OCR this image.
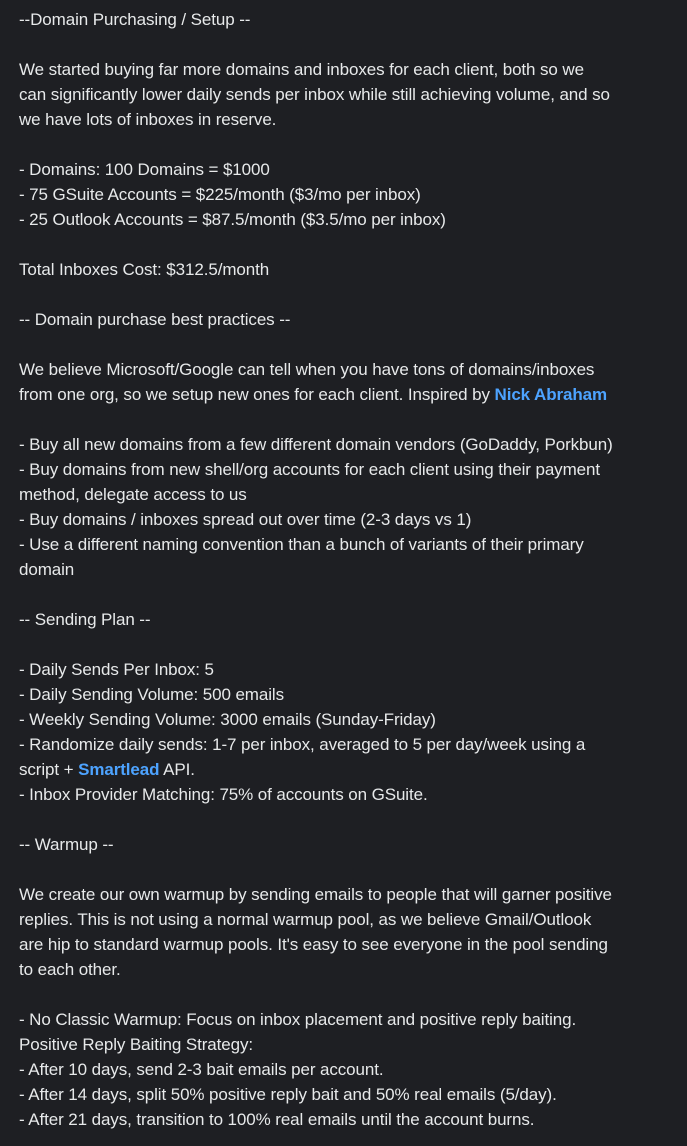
--Domain Purchasing / Setup --
We started buying far more domains and inboxes for each client, both so we
can significantly lower daily sends per inbox while still achieving volume, and so
we have lots of inboxes in reserve.
- Domains: 100 Domains = $1000
- 75 GSuite Accounts = $225/month ($3/mo per inbox)
- 25 Outlook Accounts = $87.5/month ($3.5/mo per inbox)
Total Inboxes Cost: $312.5/month
-- Domain purchase best practices --
We believe Microsoft/Google can tell when you have tons of domains/inboxes
from one org, so we setup new ones for each client. Inspired by Nick Abraham
- Buy all new domains from a few different domain vendors (GoDaddy, Porkbun)
- Buy domains from new shell/org accounts for each client using their payment
method, delegate access to us
- Buy domains / inboxes spread out over time (2-3 days vs 1)
- Use a different naming convention than a bunch of variants of their primary
domain
-- Sending Plan --
- Daily Sends Per Inbox: 5
- Daily Sending Volume: 500 emails
- Weekly Sending Volume: 3000 emails (Sunday-Friday)
- Randomize daily sends: 1-7 per inbox, averaged to 5 per day/week using a
script + Smartlead API.
- Inbox Provider Matching: 75% of accounts on GSuite.
-- Warmup --
We create our own warmup by sending emails to people that will garner positive
replies. This is not using a normal warmup pool, as we believe Gmail/Outlook
are hip to standard warmup pools. It's easy to see everyone in the pool sending
to each other.
- No Classic Warmup: Focus on inbox placement and positive reply baiting.
Positive Reply Baiting Strategy:
- After 10 days, send 2-3 bait emails per account.
- After 14 days, split 50% positive reply bait and 50% real emails (5/day).
- After 21 days, transition to 100% real emails until the account burns.
